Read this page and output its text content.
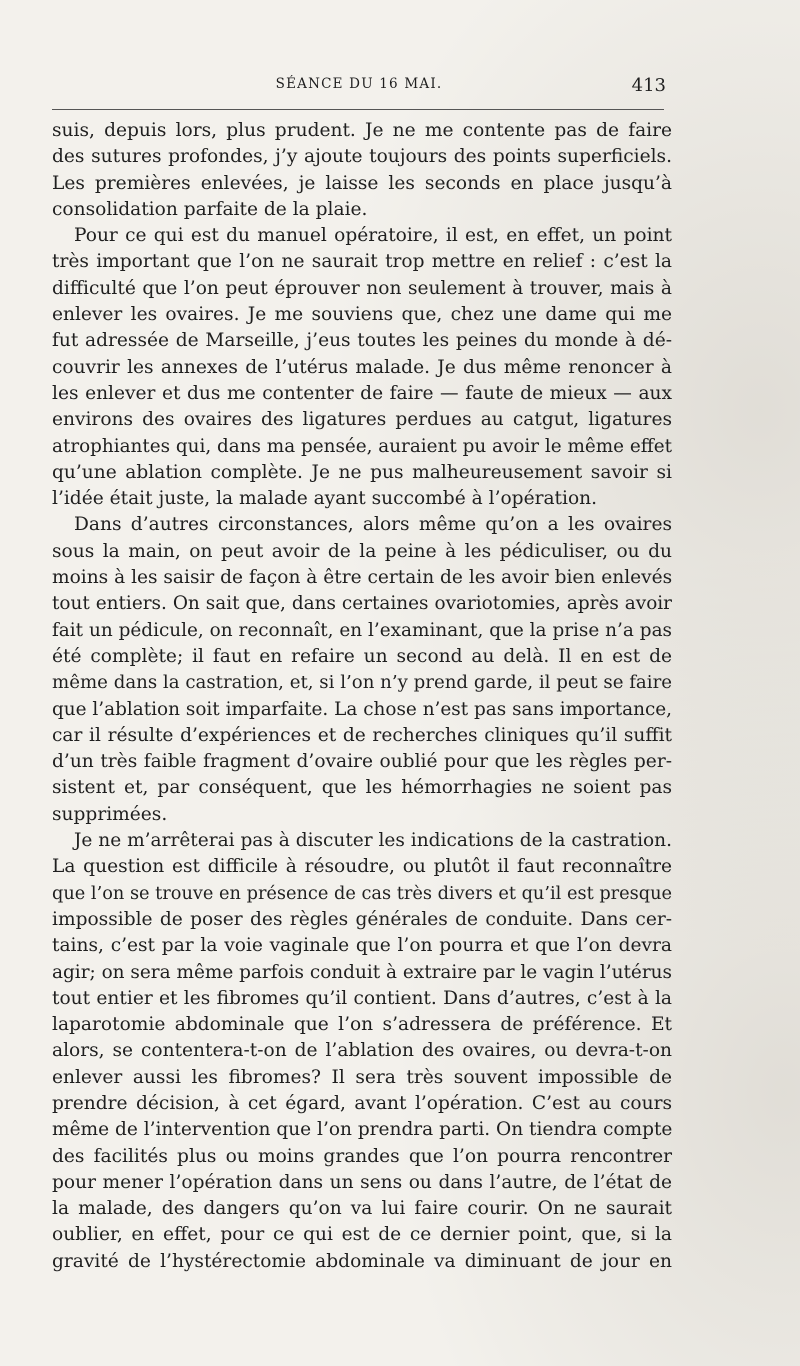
SÉANCE DU 16 MAI.	413
suis, depuis lors, plus prudent. Je ne me contente pas de faire
des sutures profondes, j’y ajoute toujours des points superficiels.
Les premières enlevées, je laisse les seconds en place jusqu’à
consolidation parfaite de la plaie.
Pour ce qui est du manuel opératoire, il est, en effet, un point
très important que l’on ne saurait trop mettre en relief : c’est la
difficulté que l’on peut éprouver non seulement à trouver, mais à
enlever les ovaires. Je me souviens que, chez une dame qui me
fut adressée de Marseille, j’eus toutes les peines du monde à dé-
couvrir les annexes de l’utérus malade. Je dus même renoncer à
les enlever et dus me contenter de faire — faute de mieux — aux
environs des ovaires des ligatures perdues au catgut, ligatures
atrophiantes qui, dans ma pensée, auraient pu avoir le même effet
qu’une ablation complète. Je ne pus malheureusement savoir si
l’idée était juste, la malade ayant succombé à l’opération.
Dans d’autres circonstances, alors même qu’on a les ovaires
sous la main, on peut avoir de la peine à les pédiculiser, ou du
moins à les saisir de façon à être certain de les avoir bien enlevés
tout entiers. On sait que, dans certaines ovariotomies, après avoir
fait un pédicule, on reconnaît, en l’examinant, que la prise n’a pas
été complète; il faut en refaire un second au delà. Il en est de
même dans la castration, et, si l’on n’y prend garde, il peut se faire
que l’ablation soit imparfaite. La chose n’est pas sans importance,
car il résulte d’expériences et de recherches cliniques qu’il suffit
d’un très faible fragment d’ovaire oublié pour que les règles per-
sistent et, par conséquent, que les hémorrhagies ne soient pas
supprimées.
Je ne m’arrêterai pas à discuter les indications de la castration.
La question est difficile à résoudre, ou plutôt il faut reconnaître
que l’on se trouve en présence de cas très divers et qu’il est presque
impossible de poser des règles générales de conduite. Dans cer-
tains, c’est par la voie vaginale que l’on pourra et que l’on devra
agir; on sera même parfois conduit à extraire par le vagin l’utérus
tout entier et les fibromes qu’il contient. Dans d’autres, c’est à la
laparotomie abdominale que l’on s’adressera de préférence. Et
alors, se contentera-t-on de l’ablation des ovaires, ou devra-t-on
enlever aussi les fibromes? Il sera très souvent impossible de
prendre décision, à cet égard, avant l’opération. C’est au cours
même de l’intervention que l’on prendra parti. On tiendra compte
des facilités plus ou moins grandes que l’on pourra rencontrer
pour mener l’opération dans un sens ou dans l’autre, de l’état de
la malade, des dangers qu’on va lui faire courir. On ne saurait
oublier, en effet, pour ce qui est de ce dernier point, que, si la
gravité de l’hystérectomie abdominale va diminuant de jour en
